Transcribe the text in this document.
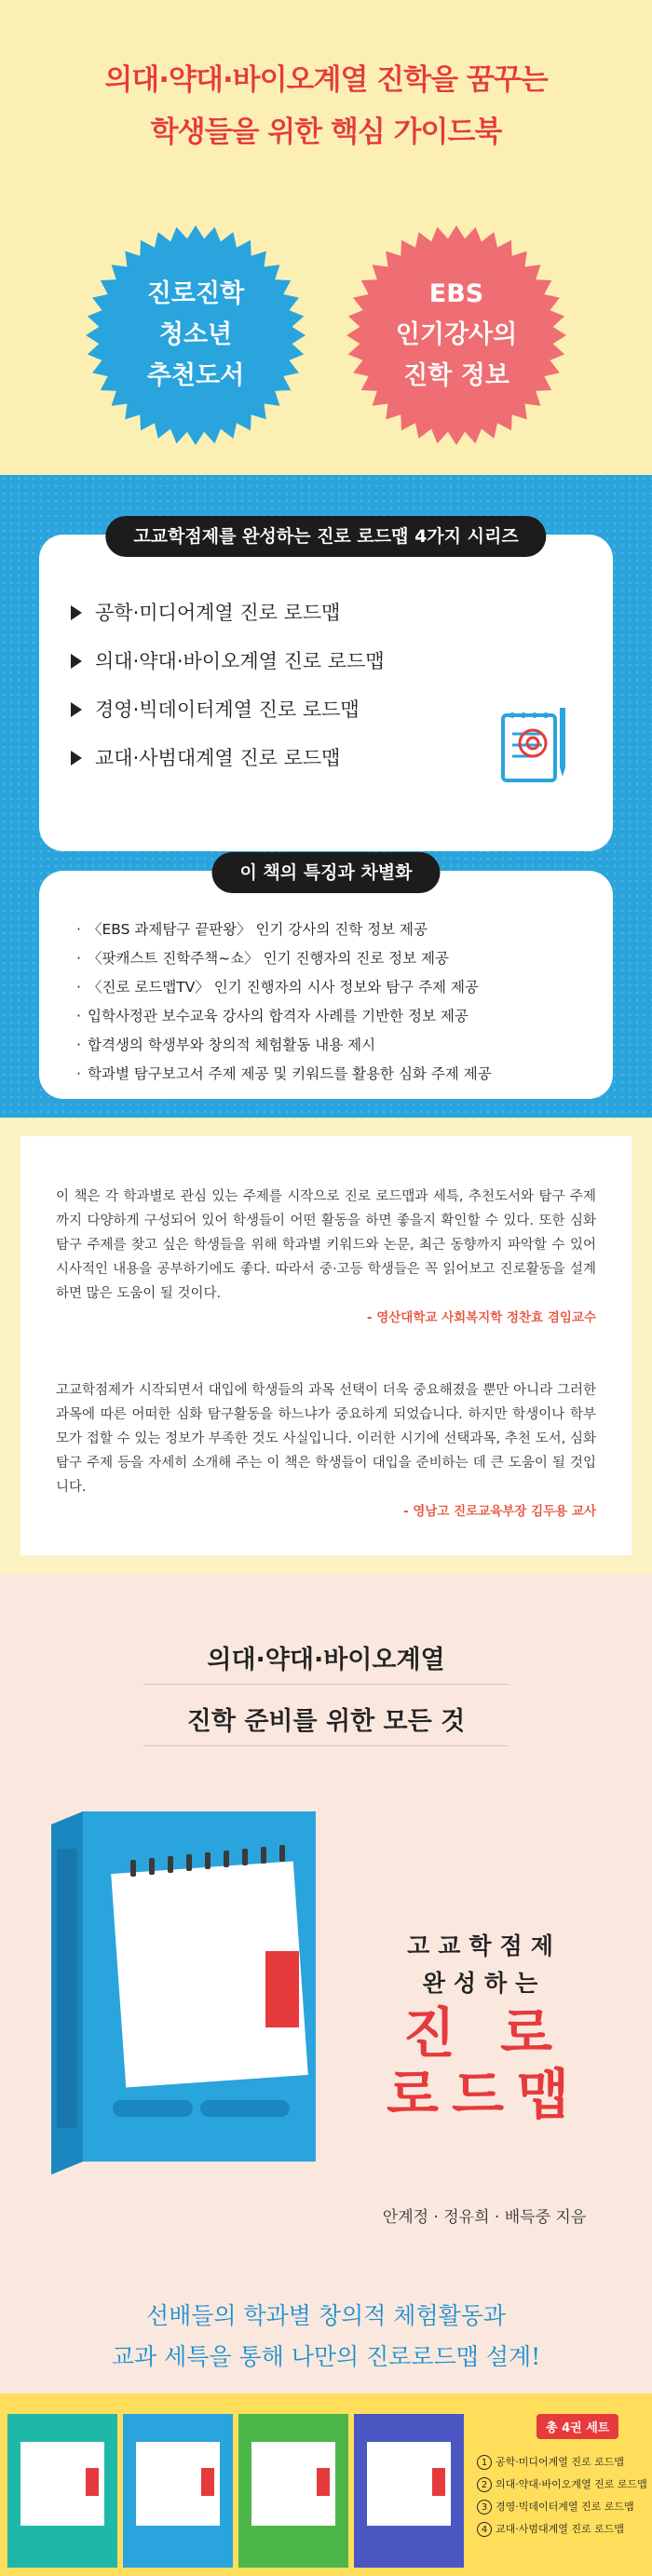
의대·약대·바이오계열 진학을 꿈꾸는
학생들을 위한 핵심 가이드북
진로진학
청소년
추천도서
EBS
인기강사의
진학 정보
고교학점제를 완성하는 진로 로드맵 4가지 시리즈
공학·미디어계열 진로 로드맵
의대·약대·바이오계열 진로 로드맵
경영·빅데이터계열 진로 로드맵
교대·사범대계열 진로 로드맵
이 책의 특징과 차별화
· 〈EBS 과제탐구 끝판왕〉 인기 강사의 진학 정보 제공
· 〈팟캐스트 진학주책~쇼〉 인기 진행자의 진로 정보 제공
· 〈진로 로드맵TV〉 인기 진행자의 시사 정보와 탐구 주제 제공
· 입학사정관 보수교육 강사의 합격자 사례를 기반한 정보 제공
· 합격생의 학생부와 창의적 체험활동 내용 제시
· 학과별 탐구보고서 주제 제공 및 키워드를 활용한 심화 주제 제공
이 책은 각 학과별로 관심 있는 주제를 시작으로 진로 로드맵과 세특, 추천도서와 탐구 주제까지 다양하게 구성되어 있어 학생들이 어떤 활동을 하면 좋을지 확인할 수 있다. 또한 심화 탐구 주제를 찾고 싶은 학생들을 위해 학과별 키워드와 논문, 최근 동향까지 파악할 수 있어 시사적인 내용을 공부하기에도 좋다. 따라서 중·고등 학생들은 꼭 읽어보고 진로활동을 설계하면 많은 도움이 될 것이다.
- 영산대학교 사회복지학 정찬효 겸임교수
고교학점제가 시작되면서 대입에 학생들의 과목 선택이 더욱 중요해졌을 뿐만 아니라 그러한 과목에 따른 어떠한 심화 탐구활동을 하느냐가 중요하게 되었습니다. 하지만 학생이나 학부모가 접할 수 있는 정보가 부족한 것도 사실입니다. 이러한 시기에 선택과목, 추천 도서, 심화 탐구 주제 등을 자세히 소개해 주는 이 책은 학생들이 대입을 준비하는 데 큰 도움이 될 것입니다.
- 영남고 진로교육부장 김두용 교사
의대·약대·바이오계열
진학 준비를 위한 모든 것
고교학점제
완성하는
진 로
로드맵
안계정 · 정유희 · 배득중 지음
선배들의 학과별 창의적 체험활동과
교과 세특을 통해 나만의 진로로드맵 설계!
총 4권 세트
1 공학·미디어계열 진로 로드맵
2 의대·약대·바이오계열 진로 로드맵
3 경영·빅데이터계열 진로 로드맵
4 교대·사범대계열 진로 로드맵
